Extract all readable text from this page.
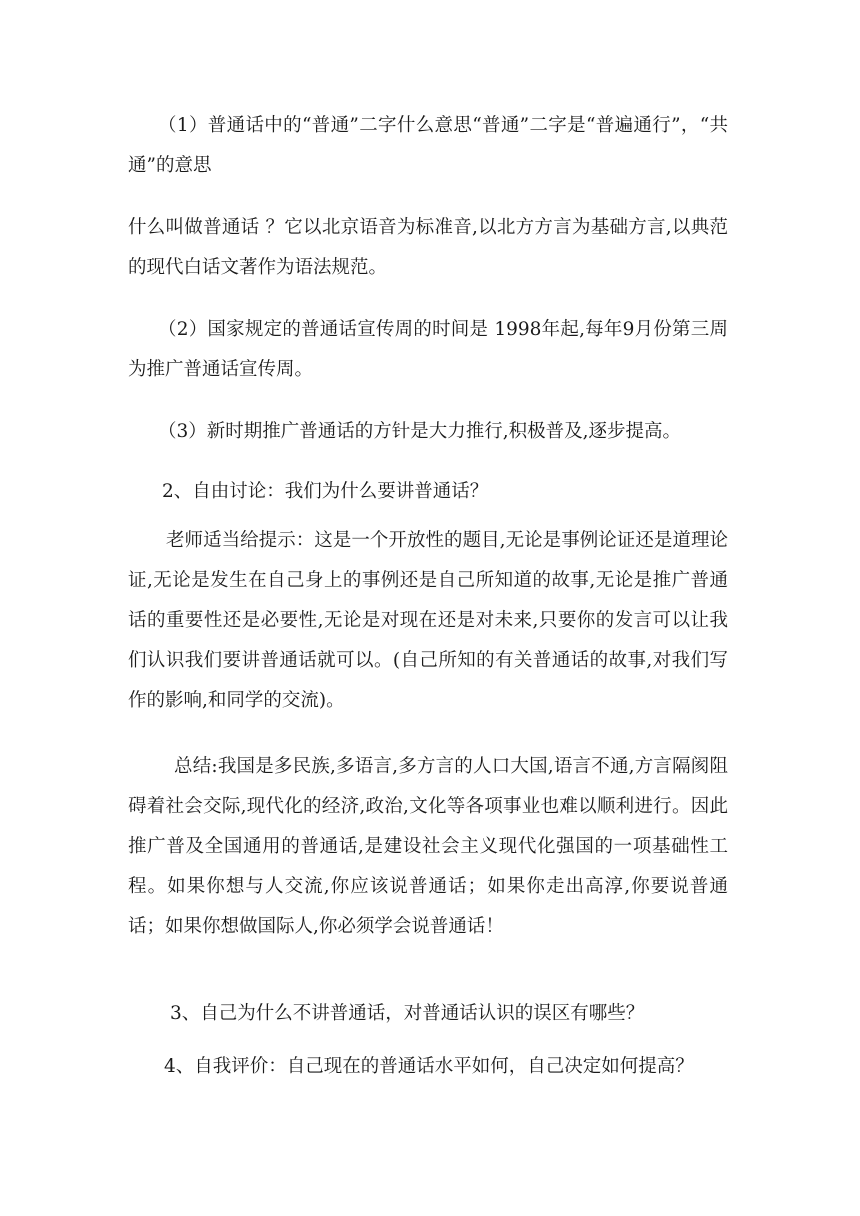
（1）普通话中的“普通”二字什么意思“普通”二字是“普遍通行”，“共通”的意思

什么叫做普通话 ？它以北京语音为标准音,以北方方言为基础方言,以典范的现代白话文著作为语法规范。

（2）国家规定的普通话宣传周的时间是 1998年起,每年9月份第三周为推广普通话宣传周。

（3）新时期推广普通话的方针是大力推行,积极普及,逐步提高。

2、自由讨论：我们为什么要讲普通话？

老师适当给提示：这是一个开放性的题目,无论是事例论证还是道理论证,无论是发生在自己身上的事例还是自己所知道的故事,无论是推广普通话的重要性还是必要性,无论是对现在还是对未来,只要你的发言可以让我们认识我们要讲普通话就可以。(自己所知的有关普通话的故事,对我们写作的影响,和同学的交流)。

总结:我国是多民族,多语言,多方言的人口大国,语言不通,方言隔阂阻碍着社会交际,现代化的经济,政治,文化等各项事业也难以顺利进行。因此推广普及全国通用的普通话,是建设社会主义现代化强国的一项基础性工程。如果你想与人交流,你应该说普通话；如果你走出高淳,你要说普通话；如果你想做国际人,你必须学会说普通话！

3、自己为什么不讲普通话，对普通话认识的误区有哪些？

4、自我评价：自己现在的普通话水平如何，自己决定如何提高？
